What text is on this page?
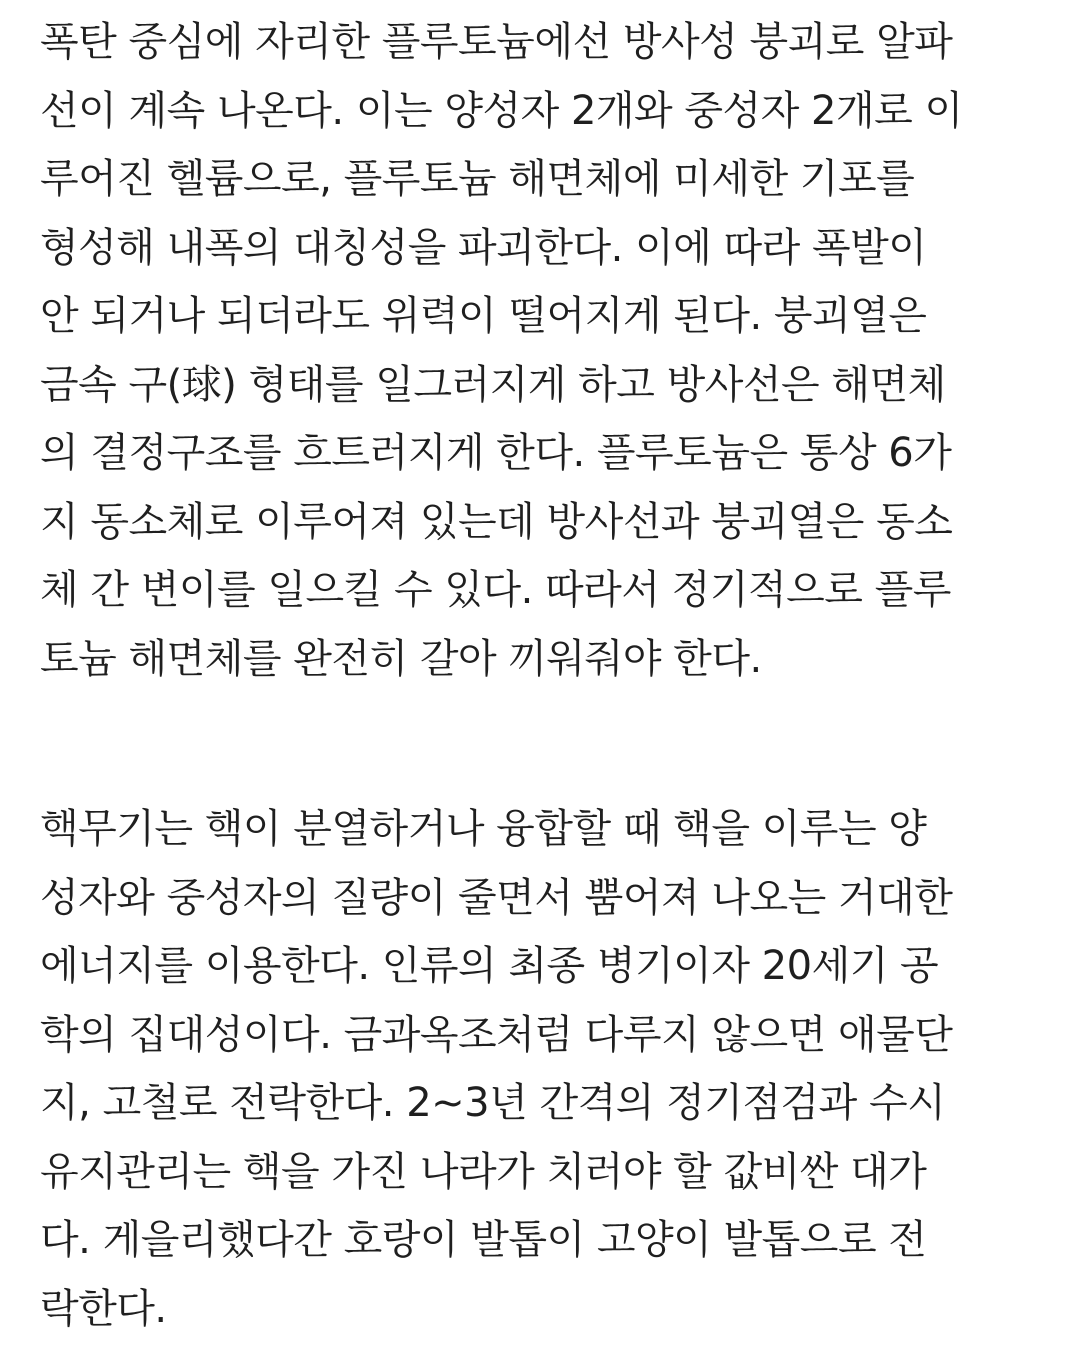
폭탄 중심에 자리한 플루토늄에선 방사성 붕괴로 알파
선이 계속 나온다. 이는 양성자 2개와 중성자 2개로 이
루어진 헬륨으로, 플루토늄 해면체에 미세한 기포를
형성해 내폭의 대칭성을 파괴한다. 이에 따라 폭발이
안 되거나 되더라도 위력이 떨어지게 된다. 붕괴열은
금속 구(球) 형태를 일그러지게 하고 방사선은 해면체
의 결정구조를 흐트러지게 한다. 플루토늄은 통상 6가
지 동소체로 이루어져 있는데 방사선과 붕괴열은 동소
체 간 변이를 일으킬 수 있다. 따라서 정기적으로 플루
토늄 해면체를 완전히 갈아 끼워줘야 한다.

핵무기는 핵이 분열하거나 융합할 때 핵을 이루는 양
성자와 중성자의 질량이 줄면서 뿜어져 나오는 거대한
에너지를 이용한다. 인류의 최종 병기이자 20세기 공
학의 집대성이다. 금과옥조처럼 다루지 않으면 애물단
지, 고철로 전락한다. 2~3년 간격의 정기점검과 수시
유지관리는 핵을 가진 나라가 치러야 할 값비싼 대가
다. 게을리했다간 호랑이 발톱이 고양이 발톱으로 전
락한다.
